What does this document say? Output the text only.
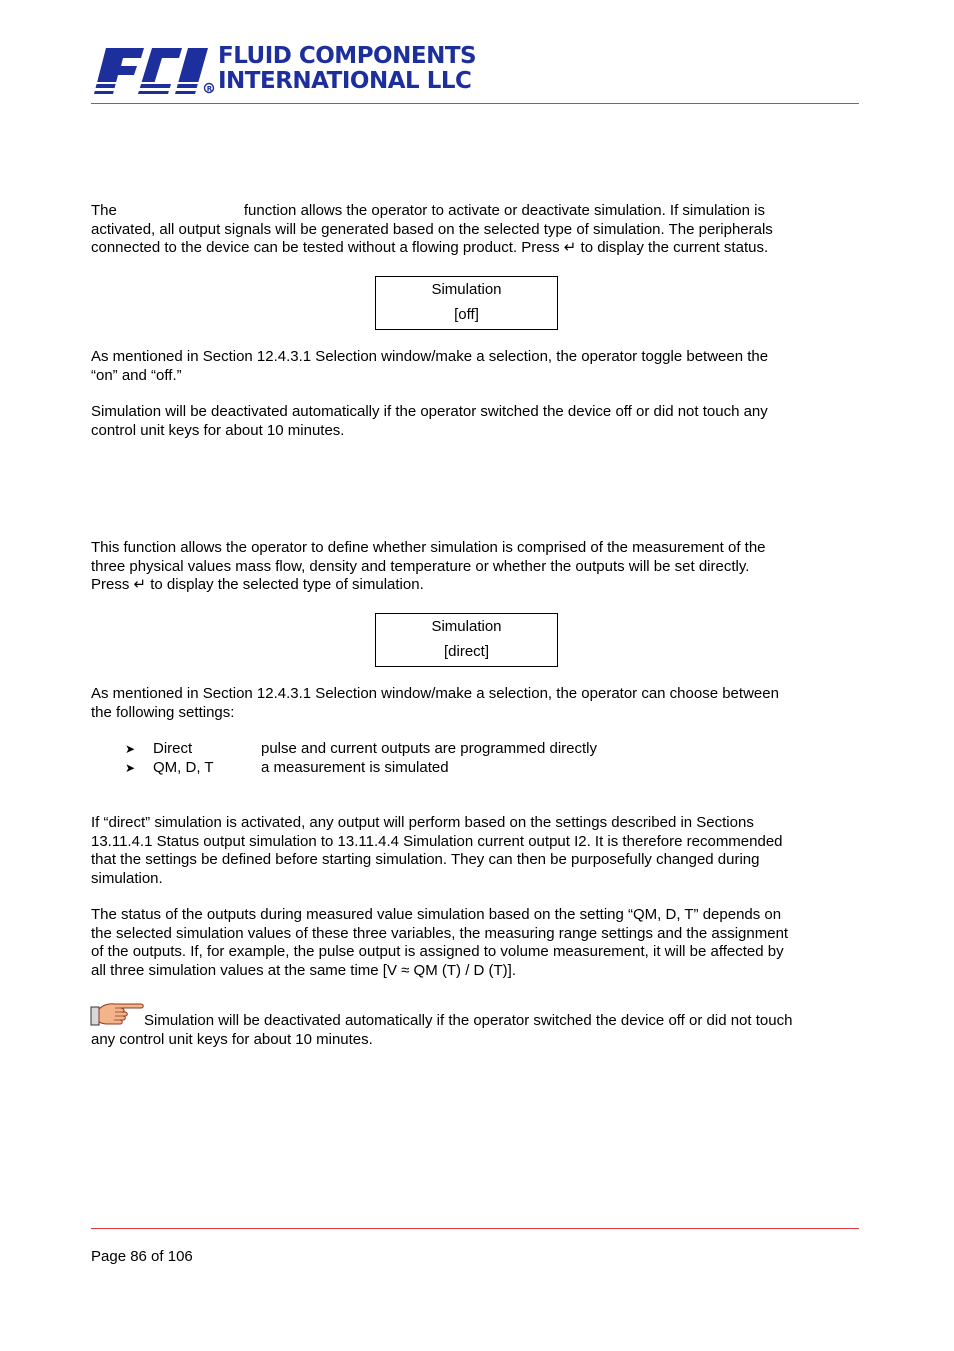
R
FLUID COMPONENTS
INTERNATIONAL LLC

The	function allows the operator to activate or deactivate simulation. If simulation is

activated, all output signals will be generated based on the selected type of simulation. The peripherals

connected to the device can be tested without a flowing product. Press ↵ to display the current status.

Simulation
[off]

As mentioned in Section 12.4.3.1 Selection window/make a selection, the operator toggle between the

“on” and “off.”

Simulation will be deactivated automatically if the operator switched the device off or did not touch any

control unit keys for about 10 minutes.

This function allows the operator to define whether simulation is comprised of the measurement of the

three physical values mass flow, density and temperature or whether the outputs will be set directly.

Press ↵ to display the selected type of simulation.

Simulation
[direct]

As mentioned in Section 12.4.3.1 Selection window/make a selection, the operator can choose between

the following settings:

➤ Direct	pulse and current outputs are programmed directly
➤ QM, D, T	a measurement is simulated

If “direct” simulation is activated, any output will perform based on the settings described in Sections

13.11.4.1 Status output simulation to 13.11.4.4 Simulation current output I2. It is therefore recommended

that the settings be defined before starting simulation. They can then be purposefully changed during

simulation.

The status of the outputs during measured value simulation based on the setting “QM, D, T” depends on

the selected simulation values of these three variables, the measuring range settings and the assignment

of the outputs. If, for example, the pulse output is assigned to volume measurement, it will be affected by

all three simulation values at the same time [V ≈ QM (T) / D (T)].

Simulation will be deactivated automatically if the operator switched the device off or did not touch

any control unit keys for about 10 minutes.

Page 86 of 106
